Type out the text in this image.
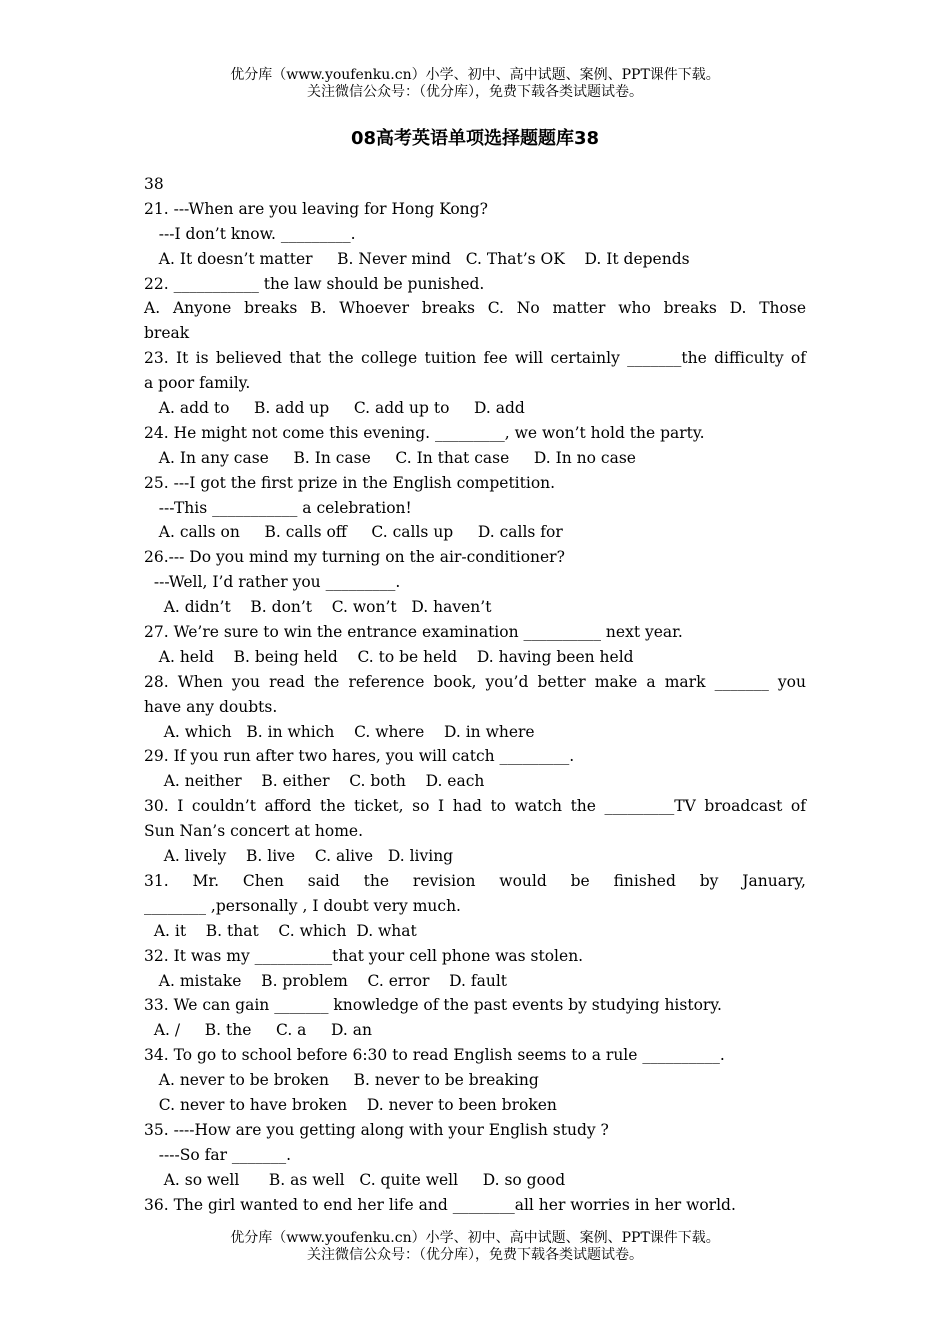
优分库（www.youfenku.cn）小学、初中、高中试题、案例、PPT课件下载。
关注微信公众号：（优分库），免费下载各类试题试卷。
08高考英语单项选择题题库38
38
21. ---When are you leaving for Hong Kong?
---I don’t know. _________.
A. It doesn’t matter     B. Never mind   C. That’s OK    D. It depends
22. ___________ the law should be punished.
A. Anyone breaks B. Whoever breaks C. No matter who breaks D. Those
break
23. It is believed that the college tuition fee will certainly _______the difficulty of
a poor family.
A. add to     B. add up     C. add up to     D. add
24. He might not come this evening. _________, we won’t hold the party.
A. In any case     B. In case     C. In that case     D. In no case
25. ---I got the first prize in the English competition.
---This ___________ a celebration!
A. calls on     B. calls off     C. calls up     D. calls for
26.--- Do you mind my turning on the air-conditioner?
---Well, I’d rather you _________.
A. didn’t    B. don’t    C. won’t   D. haven’t
27. We’re sure to win the entrance examination __________ next year.
A. held    B. being held    C. to be held    D. having been held
28. When you read the reference book, you’d better make a mark _______ you
have any doubts.
A. which   B. in which    C. where    D. in where
29. If you run after two hares, you will catch _________.
A. neither    B. either    C. both    D. each
30. I couldn’t afford the ticket, so I had to watch the _________TV broadcast of
Sun Nan’s concert at home.
A. lively    B. live    C. alive   D. living
31. Mr. Chen said the revision would be finished by January,
________ ,personally , I doubt very much.
A. it    B. that    C. which  D. what
32. It was my __________that your cell phone was stolen.
A. mistake    B. problem    C. error    D. fault
33. We can gain _______ knowledge of the past events by studying history.
A. /     B. the     C. a     D. an
34. To go to school before 6:30 to read English seems to a rule __________.
A. never to be broken     B. never to be breaking
C. never to have broken    D. never to been broken
35. ----How are you getting along with your English study ?
----So far _______.
A. so well      B. as well   C. quite well     D. so good
36. The girl wanted to end her life and ________all her worries in her world.
优分库（www.youfenku.cn）小学、初中、高中试题、案例、PPT课件下载。
关注微信公众号：（优分库），免费下载各类试题试卷。
